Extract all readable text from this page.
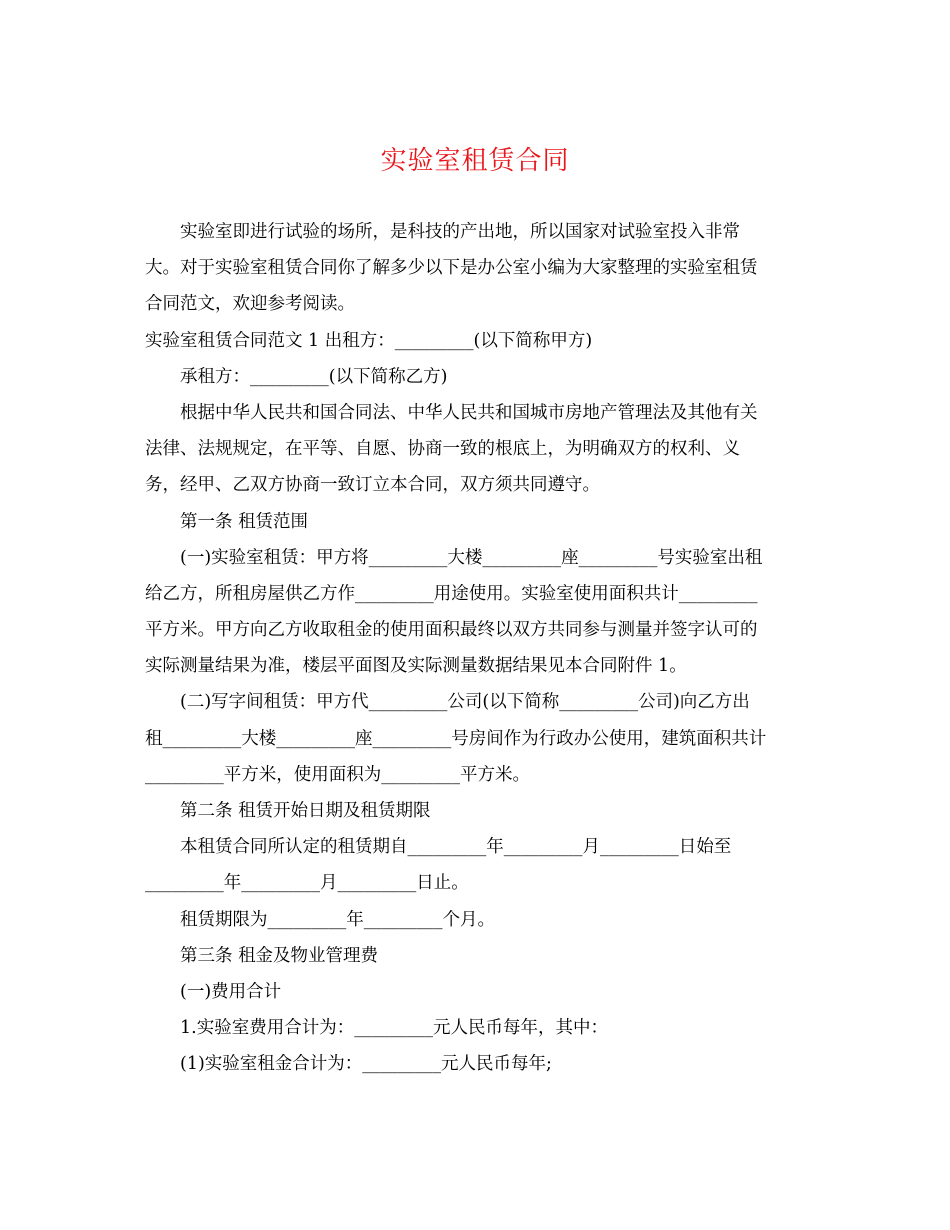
实验室租赁合同
实验室即进行试验的场所，是科技的产出地，所以国家对试验室投入非常
大。对于实验室租赁合同你了解多少以下是办公室小编为大家整理的实验室租赁
合同范文，欢迎参考阅读。
实验室租赁合同范文 1 出租方：_________(以下简称甲方)
承租方：_________(以下简称乙方)
根据中华人民共和国合同法、中华人民共和国城市房地产管理法及其他有关
法律、法规规定，在平等、自愿、协商一致的根底上，为明确双方的权利、义
务，经甲、乙双方协商一致订立本合同，双方须共同遵守。
第一条 租赁范围
(一)实验室租赁：甲方将_________大楼_________座_________号实验室出租
给乙方，所租房屋供乙方作_________用途使用。实验室使用面积共计_________
平方米。甲方向乙方收取租金的使用面积最终以双方共同参与测量并签字认可的
实际测量结果为准，楼层平面图及实际测量数据结果见本合同附件 1。
(二)写字间租赁：甲方代_________公司(以下简称_________公司)向乙方出
租_________大楼_________座_________号房间作为行政办公使用，建筑面积共计
_________平方米，使用面积为_________平方米。
第二条 租赁开始日期及租赁期限
本租赁合同所认定的租赁期自_________年_________月_________日始至
_________年_________月_________日止。
租赁期限为_________年_________个月。
第三条 租金及物业管理费
(一)费用合计
1.实验室费用合计为：_________元人民币每年，其中：
(1)实验室租金合计为：_________元人民币每年;
